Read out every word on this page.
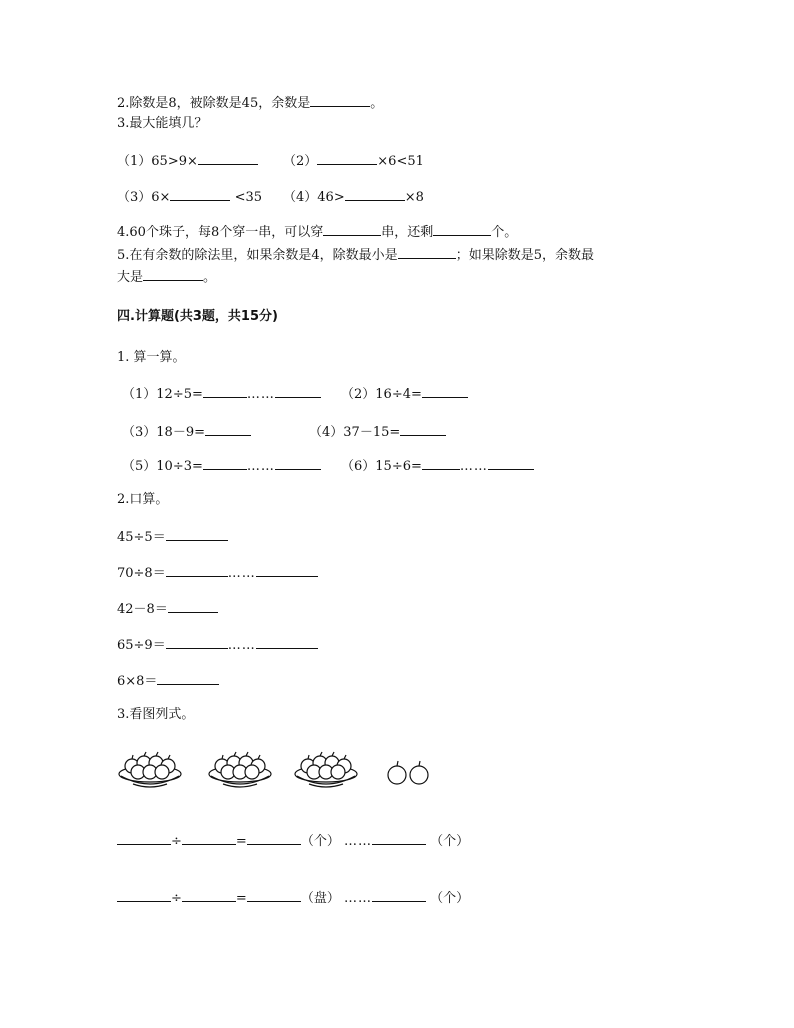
2.除数是8，被除数是45，余数是	。
3.最大能填几？
（1）65>9×	（2）	×6<51
（3）6×	<35 （4）46>	×8
4.60个珠子，每8个穿一串，可以穿	串，还剩	个。
5.在有余数的除法里，如果余数是4，除数最小是	；如果除数是5，余数最
大是	。
四.计算题(共3题，共15分)
1. 算一算。
（1）12÷5=	……	（2）16÷4=
（3）18－9=	（4）37－15=
（5）10÷3=	……	（6）15÷6=	……
2.口算。
45÷5＝
70÷8＝	……
42－8＝
65÷9＝	……
6×8＝
3.看图列式。
÷	=	（个） ……	（个）
÷	=	（盘） ……	（个）
